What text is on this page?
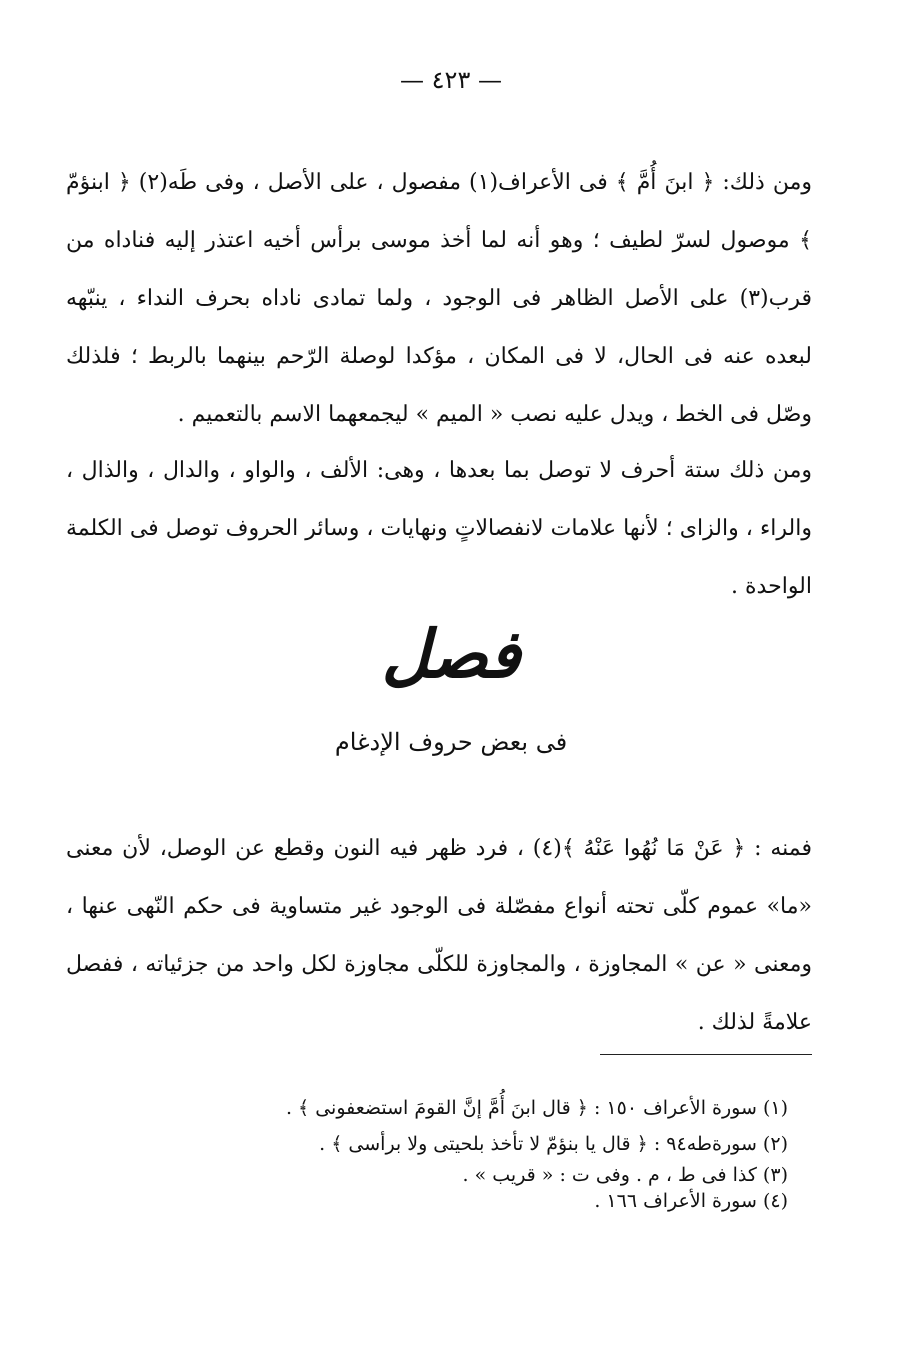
— ٤٢٣ —

ومن ذلك: ﴿ ابنَ أُمَّ ﴾ فى الأعراف(١) مفصول ، على الأصل ، وفى طَه(٢) ﴿ ابنؤمّ ﴾ موصول لسرّ لطيف ؛ وهو أنه لما أخذ موسى برأس أخيه اعتذر إليه فناداه من قرب(٣) على الأصل الظاهر فى الوجود ، ولما تمادى ناداه بحرف النداء ، ينبّهه لبعده عنه فى الحال، لا فى المكان ، مؤكدا لوصلة الرّحم بينهما بالربط ؛ فلذلك وصّل فى الخط ، ويدل عليه نصب « الميم » ليجمعهما الاسم بالتعميم .

ومن ذلك ستة أحرف لا توصل بما بعدها ، وهى: الألف ، والواو ، والدال ، والذال ، والراء ، والزاى ؛ لأنها علامات لانفصالاتٍ ونهايات ، وسائر الحروف توصل فى الكلمة الواحدة .

فصل
فى بعض حروف الإدغام

فمنه : ﴿ عَنْ مَا نُهُوا عَنْهُ ﴾(٤) ، فرد ظهر فيه النون وقطع عن الوصل، لأن معنى «ما» عموم كلّى تحته أنواع مفصّلة فى الوجود غير متساوية فى حكم النّهى عنها ، ومعنى « عن » المجاوزة ، والمجاوزة للكلّى مجاوزة لكل واحد من جزئياته ، ففصل علامةً لذلك .

(١) سورة الأعراف ١٥٠ : ﴿ قال ابنَ أُمَّ إنَّ القومَ استضعفونى ﴾ .
(٢) سورةطه٩٤ : ﴿ قال يا بنؤمّ لا تأخذ بلحيتى ولا برأسى ﴾ .
(٣) كذا فى ط ، م . وفى ت : « قريب » .
(٤) سورة الأعراف ١٦٦ .
